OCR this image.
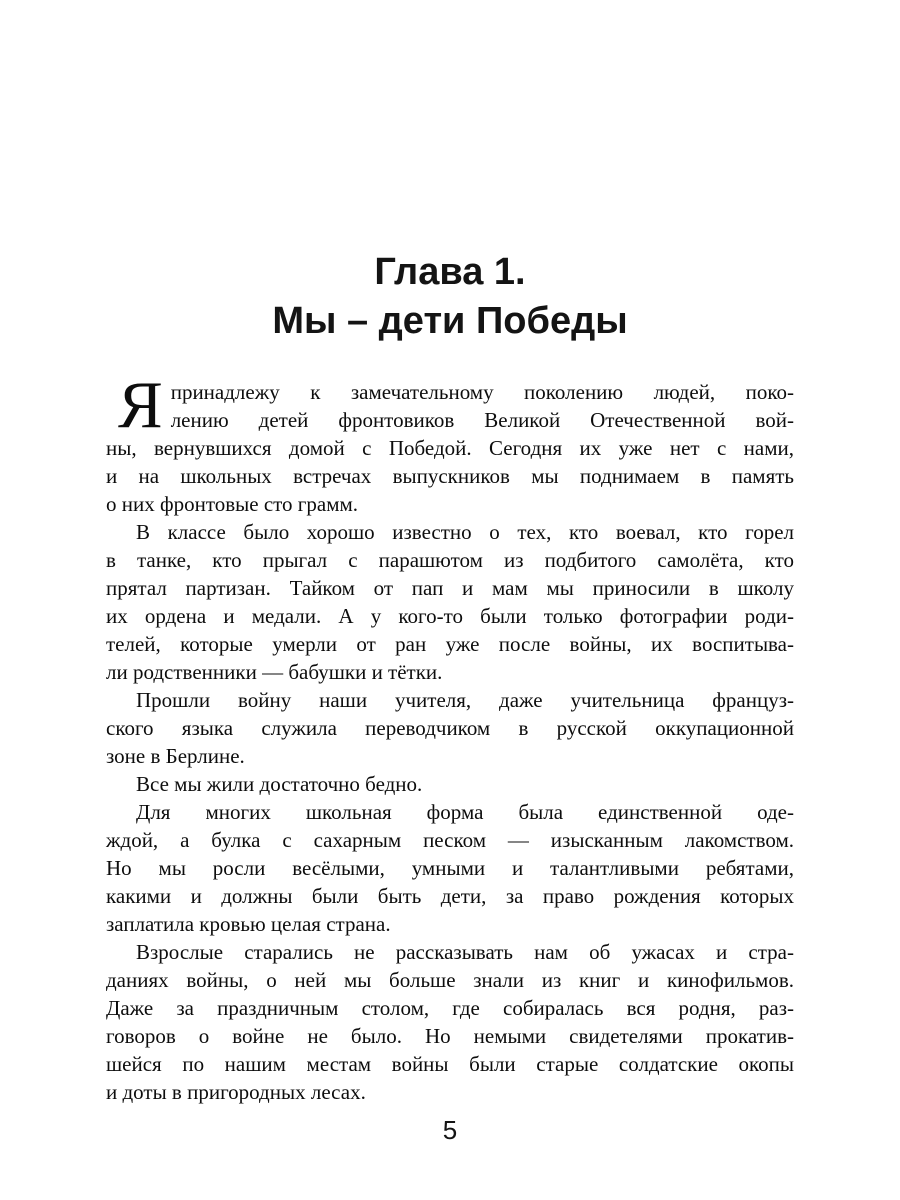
Глава 1.
Мы – дети Победы
Я принадлежу к замечательному поколению людей, поко-
лению детей фронтовиков Великой Отечественной вой-
ны, вернувшихся домой с Победой. Сегодня их уже нет с нами,
и на школьных встречах выпускников мы поднимаем в память
о них фронтовые сто грамм.
В классе было хорошо известно о тех, кто воевал, кто горел
в танке, кто прыгал с парашютом из подбитого самолёта, кто
прятал партизан. Тайком от пап и мам мы приносили в школу
их ордена и медали. А у кого-то были только фотографии роди-
телей, которые умерли от ран уже после войны, их воспитыва-
ли родственники — бабушки и тётки.
Прошли войну наши учителя, даже учительница француз-
ского языка служила переводчиком в русской оккупационной
зоне в Берлине.
Все мы жили достаточно бедно.
Для многих школьная форма была единственной оде-
ждой, а булка с сахарным песком — изысканным лакомством.
Но мы росли весёлыми, умными и талантливыми ребятами,
какими и должны были быть дети, за право рождения которых
заплатила кровью целая страна.
Взрослые старались не рассказывать нам об ужасах и стра-
даниях войны, о ней мы больше знали из книг и кинофильмов.
Даже за праздничным столом, где собиралась вся родня, раз-
говоров о войне не было. Но немыми свидетелями прокатив-
шейся по нашим местам войны были старые солдатские окопы
и доты в пригородных лесах.
5
